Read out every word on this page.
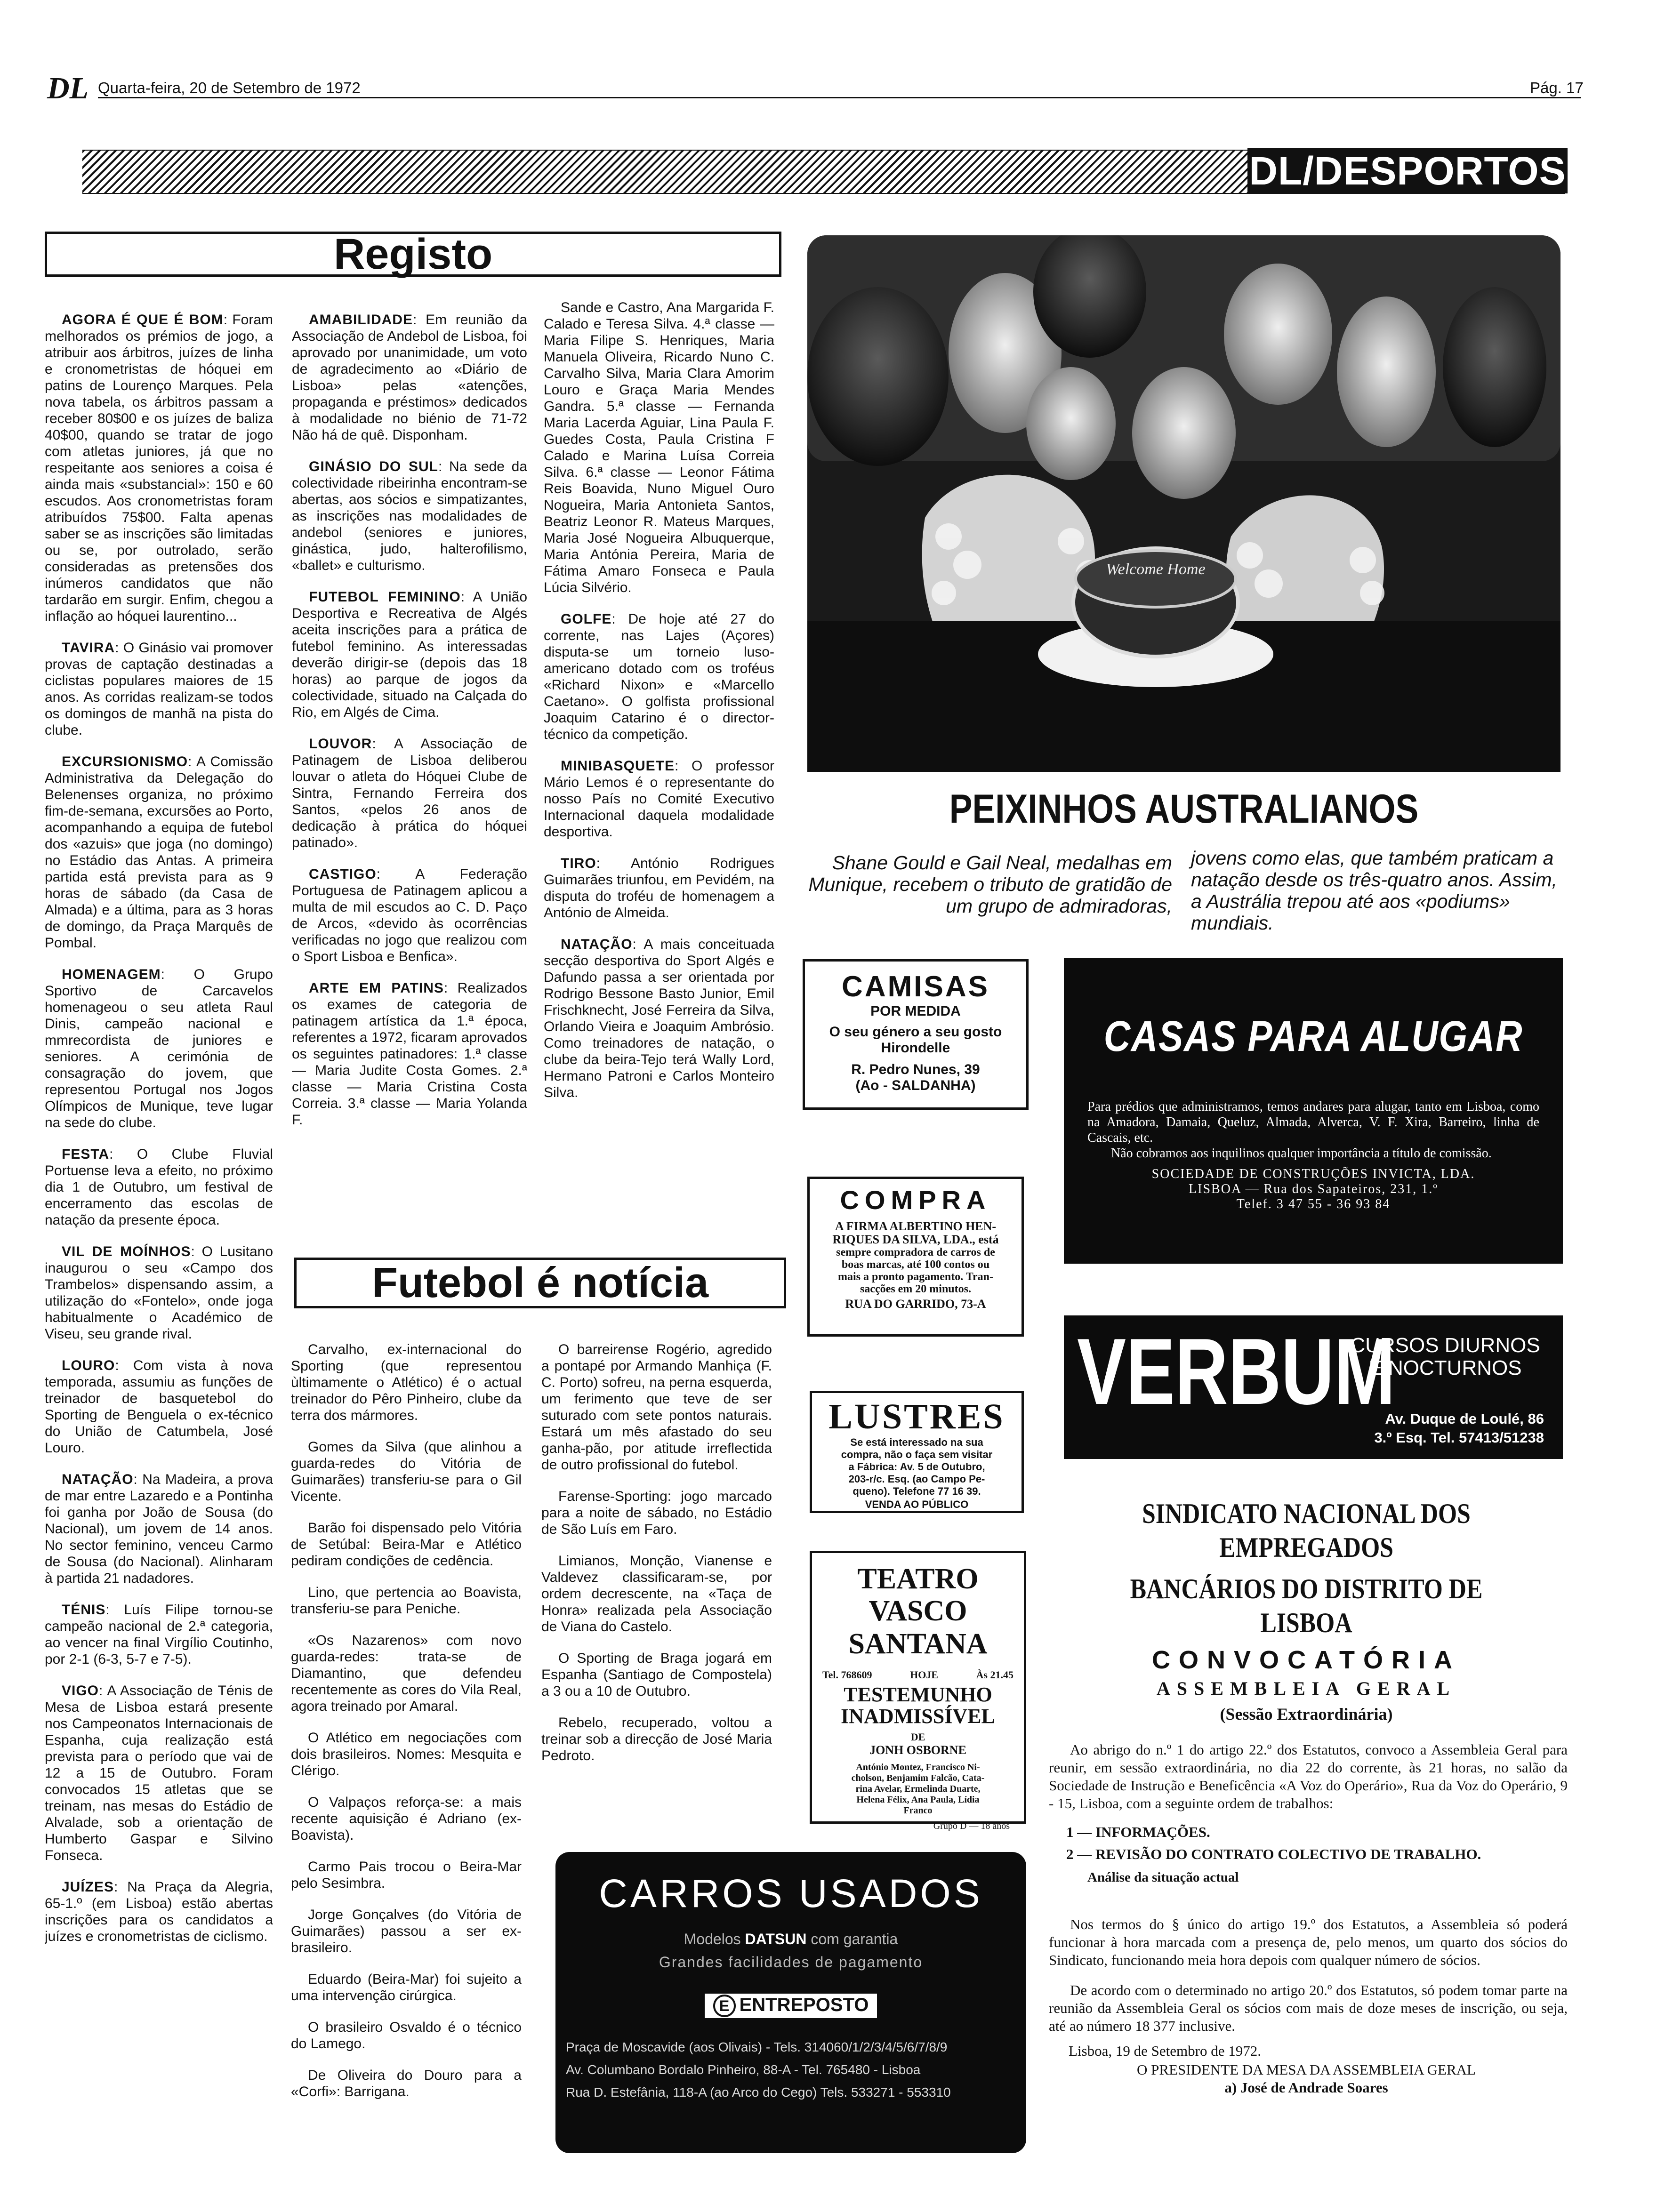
DL Quarta-feira, 20 de Setembro de 1972	Pág. 17
DL/DESPORTOS
Registo

AGORA É QUE É BOM: Foram melhorados os prémios de jogo, a atribuir aos árbitros, juízes de linha e cronometristas de hóquei em patins de Lourenço Marques. Pela nova tabela, os árbitros passam a receber 80$00 e os juízes de baliza 40$00, quando se tratar de jogo com atletas juniores, já que no respeitante aos seniores a coisa é ainda mais «substancial»: 150 e 60 escudos. Aos cronometristas foram atribuídos 75$00. Falta apenas saber se as inscrições são limitadas ou se, por outrolado, serão consideradas as pretensões dos inúmeros candidatos que não tardarão em surgir. Enfim, chegou a inflação ao hóquei laurentino...

TAVIRA: O Ginásio vai promover provas de captação destinadas a ciclistas populares maiores de 15 anos. As corridas realizam-se todos os domingos de manhã na pista do clube.

EXCURSIONISMO: A Comissão Administrativa da Delegação do Belenenses organiza, no próximo fim-de-semana, excursões ao Porto, acompanhando a equipa de futebol dos «azuis» que joga (no domingo) no Estádio das Antas. A primeira partida está prevista para as 9 horas de sábado (da Casa de Almada) e a última, para as 3 horas de domingo, da Praça Marquês de Pombal.

HOMENAGEM: O Grupo Sportivo de Carcavelos homenageou o seu atleta Raul Dinis, campeão nacional e mmrecordista de juniores e seniores. A cerimónia de consagração do jovem, que representou Portugal nos Jogos Olímpicos de Munique, teve lugar na sede do clube.

FESTA: O Clube Fluvial Portuense leva a efeito, no próximo dia 1 de Outubro, um festival de encerramento das escolas de natação da presente época.

VIL DE MOÍNHOS: O Lusitano inaugurou o seu «Campo dos Trambelos» dispensando assim, a utilização do «Fontelo», onde joga habitualmente o Académico de Viseu, seu grande rival.

LOURO: Com vista à nova temporada, assumiu as funções de treinador de basquetebol do Sporting de Benguela o ex-técnico do União de Catumbela, José Louro.

NATAÇÃO: Na Madeira, a prova de mar entre Lazaredo e a Pontinha foi ganha por João de Sousa (do Nacional), um jovem de 14 anos. No sector feminino, venceu Carmo de Sousa (do Nacional). Alinharam à partida 21 nadadores.

TÉNIS: Luís Filipe tornou-se campeão nacional de 2.ª categoria, ao vencer na final Virgílio Coutinho, por 2-1 (6-3, 5-7 e 7-5).

VIGO: A Associação de Ténis de Mesa de Lisboa estará presente nos Campeonatos Internacionais de Espanha, cuja realização está prevista para o período que vai de 12 a 15 de Outubro. Foram convocados 15 atletas que se treinam, nas mesas do Estádio de Alvalade, sob a orientação de Humberto Gaspar e Silvino Fonseca.

JUÍZES: Na Praça da Alegria, 65-1.º (em Lisboa) estão abertas inscrições para os candidatos a juízes e cronometristas de ciclismo.

AMABILIDADE: Em reunião da Associação de Andebol de Lisboa, foi aprovado por unanimidade, um voto de agradecimento ao «Diário de Lisboa» pelas «atenções, propaganda e préstimos» dedicados à modalidade no biénio de 71-72 Não há de quê. Disponham.

GINÁSIO DO SUL: Na sede da colectividade ribeirinha encontram-se abertas, aos sócios e simpatizantes, as inscrições nas modalidades de andebol (seniores e juniores, ginástica, judo, halterofilismo, «ballet» e culturismo.

FUTEBOL FEMININO: A União Desportiva e Recreativa de Algés aceita inscrições para a prática de futebol feminino. As interessadas deverão dirigir-se (depois das 18 horas) ao parque de jogos da colectividade, situado na Calçada do Rio, em Algés de Cima.

LOUVOR: A Associação de Patinagem de Lisboa deliberou louvar o atleta do Hóquei Clube de Sintra, Fernando Ferreira dos Santos, «pelos 26 anos de dedicação à prática do hóquei patinado».

CASTIGO: A Federação Portuguesa de Patinagem aplicou a multa de mil escudos ao C. D. Paço de Arcos, «devido às ocorrências verificadas no jogo que realizou com o Sport Lisboa e Benfica».

ARTE EM PATINS: Realizados os exames de categoria de patinagem artística da 1.ª época, referentes a 1972, ficaram aprovados os seguintes patinadores: 1.ª classe — Maria Judite Costa Gomes. 2.ª classe — Maria Cristina Costa Correia. 3.ª classe — Maria Yolanda F.

Sande e Castro, Ana Margarida F. Calado e Teresa Silva. 4.ª classe — Maria Filipe S. Henriques, Maria Manuela Oliveira, Ricardo Nuno C. Carvalho Silva, Maria Clara Amorim Louro e Graça Maria Mendes Gandra. 5.ª classe — Fernanda Maria Lacerda Aguiar, Lina Paula F. Guedes Costa, Paula Cristina F Calado e Marina Luísa Correia Silva. 6.ª classe — Leonor Fátima Reis Boavida, Nuno Miguel Ouro Nogueira, Maria Antonieta Santos, Beatriz Leonor R. Mateus Marques, Maria José Nogueira Albuquerque, Maria Antónia Pereira, Maria de Fátima Amaro Fonseca e Paula Lúcia Silvério.

GOLFE: De hoje até 27 do corrente, nas Lajes (Açores) disputa-se um torneio luso-americano dotado com os troféus «Richard Nixon» e «Marcello Caetano». O golfista profissional Joaquim Catarino é o director-técnico da competição.

MINIBASQUETE: O professor Mário Lemos é o representante do nosso País no Comité Executivo Internacional daquela modalidade desportiva.

TIRO: António Rodrigues Guimarães triunfou, em Pevidém, na disputa do troféu de homenagem a António de Almeida.

NATAÇÃO: A mais conceituada secção desportiva do Sport Algés e Dafundo passa a ser orientada por Rodrigo Bessone Basto Junior, Emil Frischknecht, José Ferreira da Silva, Orlando Vieira e Joaquim Ambrósio. Como treinadores de natação, o clube da beira-Tejo terá Wally Lord, Hermano Patroni e Carlos Monteiro Silva.

Welcome Home
PEIXINHOS AUSTRALIANOS
Shane Gould e Gail Neal, medalhas em Munique, recebem o tributo de gratidão de um grupo de admiradoras,
jovens como elas, que também praticam a natação desde os três-quatro anos. Assim, a Austrália trepou até aos «podiums» mundiais.
Futebol é notícia

Carvalho, ex-internacional do Sporting (que representou ùltimamente o Atlético) é o actual treinador do Pêro Pinheiro, clube da terra dos mármores.

Gomes da Silva (que alinhou a guarda-redes do Vitória de Guimarães) transferiu-se para o Gil Vicente.

Barão foi dispensado pelo Vitória de Setúbal: Beira-Mar e Atlético pediram condições de cedência.

Lino, que pertencia ao Boavista, transferiu-se para Peniche.

«Os Nazarenos» com novo guarda-redes: trata-se de Diamantino, que defendeu recentemente as cores do Vila Real, agora treinado por Amaral.

O Atlético em negociações com dois brasileiros. Nomes: Mesquita e Clérigo.

O Valpaços reforça-se: a mais recente aquisição é Adriano (ex-Boavista).

Carmo Pais trocou o Beira-Mar pelo Sesimbra.

Jorge Gonçalves (do Vitória de Guimarães) passou a ser ex-brasileiro.

Eduardo (Beira-Mar) foi sujeito a uma intervenção cirúrgica.

O brasileiro Osvaldo é o técnico do Lamego.

De Oliveira do Douro para a «Corfi»: Barrigana.

O barreirense Rogério, agredido a pontapé por Armando Manhiça (F. C. Porto) sofreu, na perna esquerda, um ferimento que teve de ser suturado com sete pontos naturais. Estará um mês afastado do seu ganha-pão, por atitude irreflectida de outro profissional do futebol.

Farense-Sporting: jogo marcado para a noite de sábado, no Estádio de São Luís em Faro.

Limianos, Monção, Vianense e Valdevez classificaram-se, por ordem decrescente, na «Taça de Honra» realizada pela Associação de Viana do Castelo.

O Sporting de Braga jogará em Espanha (Santiago de Compostela) a 3 ou a 10 de Outubro.

Rebelo, recuperado, voltou a treinar sob a direcção de José Maria Pedroto.

CAMISAS
POR MEDIDA
O seu género a seu gosto
Hirondelle
R. Pedro Nunes, 39
(Ao - SALDANHA)
COMPRA
A FIRMA ALBERTINO HEN-
RIQUES DA SILVA, LDA., está
sempre compradora de carros de
boas marcas, até 100 contos ou
mais a pronto pagamento. Tran-
sacções em 20 minutos.
RUA DO GARRIDO, 73-A
LUSTRES
Se está interessado na sua
compra, não o faça sem visitar
a Fábrica: Av. 5 de Outubro,
203-r/c. Esq. (ao Campo Pe-
queno). Telefone 77 16 39.
VENDA AO PÚBLICO
TEATRO
VASCO SANTANA
Tel. 768609	HOJE	Às 21.45
TESTEMUNHO
INADMISSÍVEL
DE
JONH OSBORNE
António Montez, Francisco Ni-
cholson, Benjamim Falcão, Cata-
rina Avelar, Ermelinda Duarte,
Helena Félix, Ana Paula, Lídia
Franco
Grupo D — 18 anos
CASAS PARA ALUGAR
Para prédios que administramos, temos andares para alugar, tanto em Lisboa, como na Amadora, Damaia, Queluz, Almada, Alverca, V. F. Xira, Barreiro, linha de Cascais, etc.
Não cobramos aos inquilinos qualquer importância a título de comissão.
SOCIEDADE DE CONSTRUÇÕES INVICTA, LDA.
LISBOA — Rua dos Sapateiros, 231, 1.º
Telef. 3 47 55 - 36 93 84
VERBUM
CURSOS DIURNOS
E NOCTURNOS
Av. Duque de Loulé, 86
3.º Esq. Tel. 57413/51238
SINDICATO NACIONAL DOS EMPREGADOS
BANCÁRIOS DO DISTRITO DE LISBOA
CONVOCATÓRIA
ASSEMBLEIA GERAL
(Sessão Extraordinária)
Ao abrigo do n.º 1 do artigo 22.º dos Estatutos, convoco a Assembleia Geral para reunir, em sessão extraordinária, no dia 22 do corrente, às 21 horas, no salão da Sociedade de Instrução e Beneficência «A Voz do Operário», Rua da Voz do Operário, 9 - 15, Lisboa, com a seguinte ordem de trabalhos:
1 — INFORMAÇÕES.
2 — REVISÃO DO CONTRATO COLECTIVO DE TRABALHO.
Análise da situação actual
Nos termos do § único do artigo 19.º dos Estatutos, a Assembleia só poderá funcionar à hora marcada com a presença de, pelo menos, um quarto dos sócios do Sindicato, funcionando meia hora depois com qualquer número de sócios.
De acordo com o determinado no artigo 20.º dos Estatutos, só podem tomar parte na reunião da Assembleia Geral os sócios com mais de doze meses de inscrição, ou seja, até ao número 18 377 inclusive.
Lisboa, 19 de Setembro de 1972.
O PRESIDENTE DA MESA DA ASSEMBLEIA GERAL
a) José de Andrade Soares
CARROS USADOS
Modelos DATSUN com garantia
Grandes facilidades de pagamento
E ENTREPOSTO
Praça de Moscavide (aos Olivais) - Tels. 314060/1/2/3/4/5/6/7/8/9
Av. Columbano Bordalo Pinheiro, 88-A - Tel. 765480 - Lisboa
Rua D. Estefânia, 118-A (ao Arco do Cego) Tels. 533271 - 553310
